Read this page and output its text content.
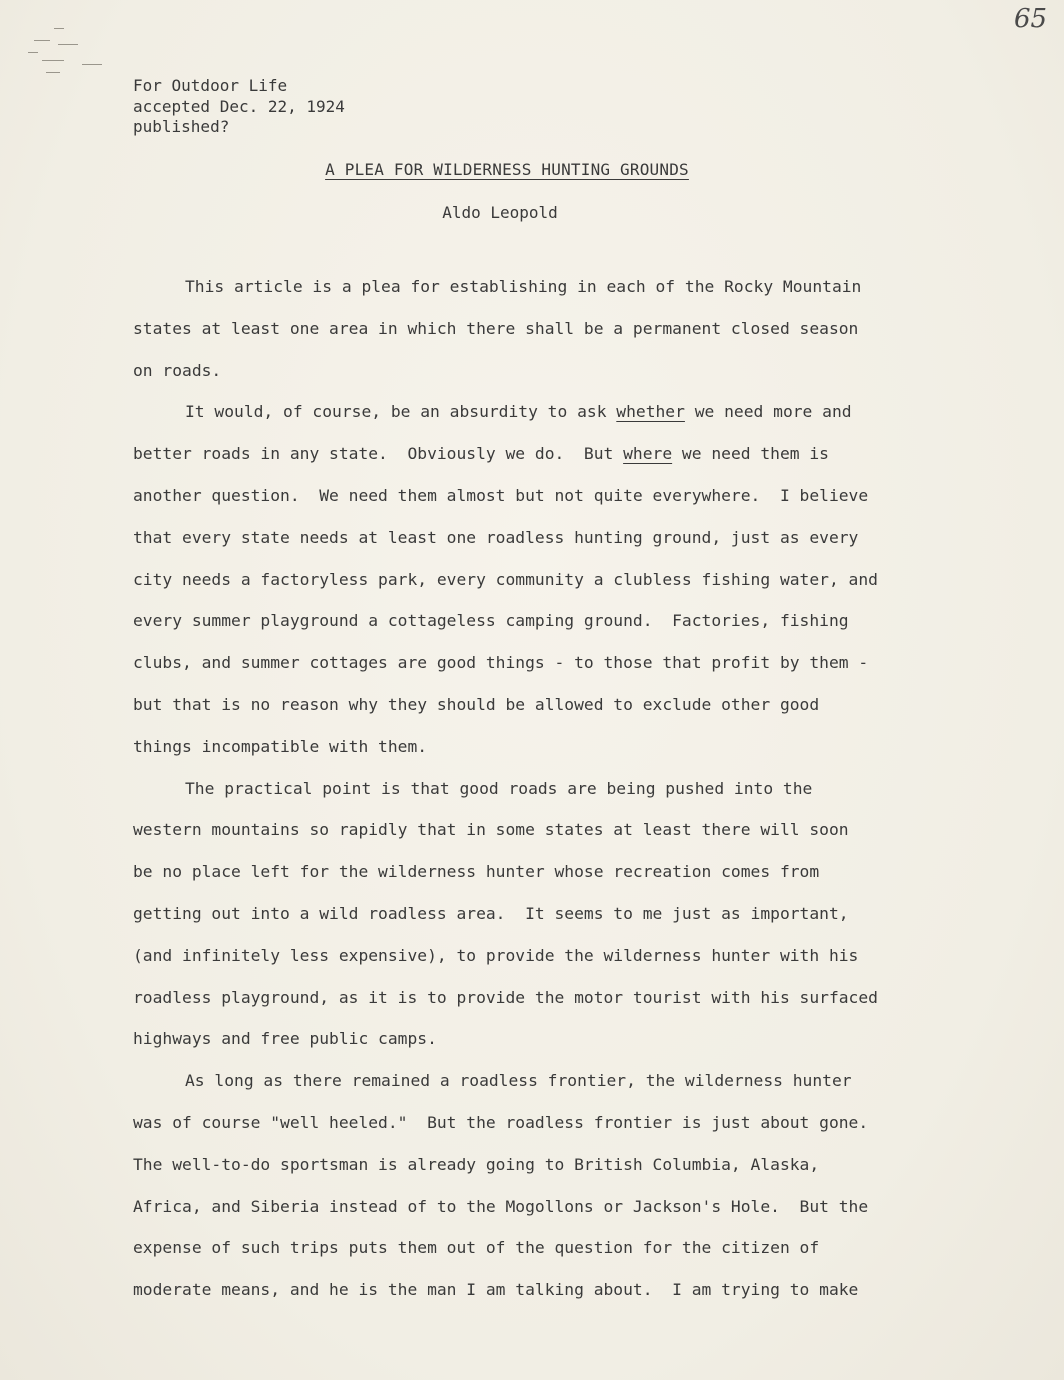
65
For Outdoor Life
accepted Dec. 22, 1924
published?
A PLEA FOR WILDERNESS HUNTING GROUNDS
Aldo Leopold
This article is a plea for establishing in each of the Rocky Mountain
states at least one area in which there shall be a permanent closed season
on roads.
It would, of course, be an absurdity to ask whether we need more and
better roads in any state.  Obviously we do.  But where we need them is
another question.  We need them almost but not quite everywhere.  I believe
that every state needs at least one roadless hunting ground, just as every
city needs a factoryless park, every community a clubless fishing water, and
every summer playground a cottageless camping ground.  Factories, fishing
clubs, and summer cottages are good things - to those that profit by them -
but that is no reason why they should be allowed to exclude other good
things incompatible with them.
The practical point is that good roads are being pushed into the
western mountains so rapidly that in some states at least there will soon
be no place left for the wilderness hunter whose recreation comes from
getting out into a wild roadless area.  It seems to me just as important,
(and infinitely less expensive), to provide the wilderness hunter with his
roadless playground, as it is to provide the motor tourist with his surfaced
highways and free public camps.
As long as there remained a roadless frontier, the wilderness hunter
was of course "well heeled."  But the roadless frontier is just about gone.
The well-to-do sportsman is already going to British Columbia, Alaska,
Africa, and Siberia instead of to the Mogollons or Jackson's Hole.  But the
expense of such trips puts them out of the question for the citizen of
moderate means, and he is the man I am talking about.  I am trying to make
